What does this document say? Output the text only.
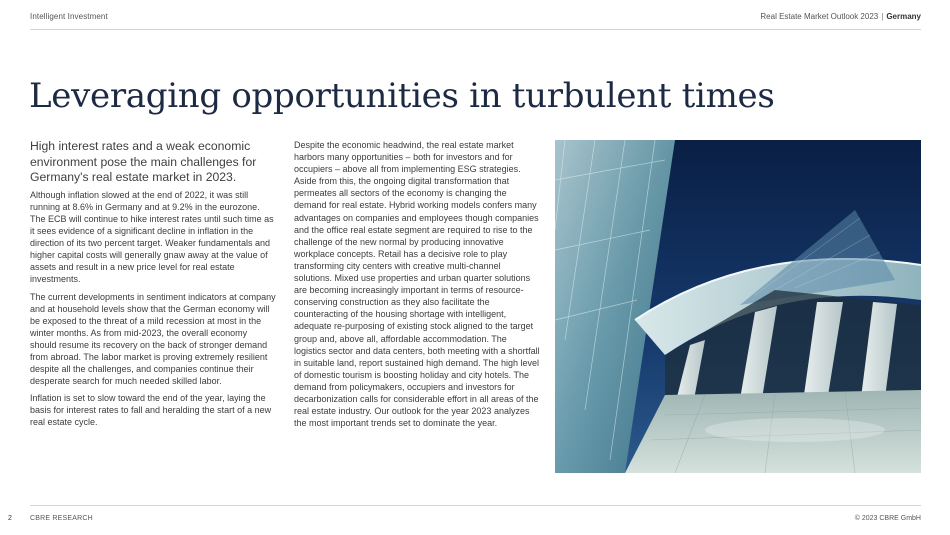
Intelligent Investment	Real Estate Market Outlook 2023 | Germany
Leveraging opportunities in turbulent times

High interest rates and a weak economic environment pose the main challenges for Germany's real estate market in 2023.

Although inflation slowed at the end of 2022, it was still running at 8.6% in Germany and at 9.2% in the eurozone. The ECB will continue to hike interest rates until such time as it sees evidence of a significant decline in inflation in the direction of its two percent target. Weaker fundamentals and higher capital costs will generally gnaw away at the value of assets and result in a new price level for real estate investments.

The current developments in sentiment indicators at company and at household levels show that the German economy will be exposed to the threat of a mild recession at most in the winter months. As from mid-2023, the overall economy should resume its recovery on the back of stronger demand from abroad. The labor market is proving extremely resilient despite all the challenges, and companies continue their desperate search for much needed skilled labor.

Inflation is set to slow toward the end of the year, laying the basis for interest rates to fall and heralding the start of a new real estate cycle.

Despite the economic headwind, the real estate market harbors many opportunities – both for investors and for occupiers – above all from implementing ESG strategies. Aside from this, the ongoing digital transformation that permeates all sectors of the economy is changing the demand for real estate. Hybrid working models confers many advantages on companies and employees though companies and the office real estate segment are required to rise to the challenge of the new normal by producing innovative workplace concepts. Retail has a decisive role to play transforming city centers with creative multi-channel solutions. Mixed use properties and urban quarter solutions are becoming increasingly important in terms of resource-conserving construction as they also facilitate the counteracting of the housing shortage with intelligent, adequate re-purposing of existing stock aligned to the target group and, above all, affordable accommodation. The logistics sector and data centers, both meeting with a shortfall in suitable land, report sustained high demand. The high level of domestic tourism is boosting holiday and city hotels. The demand from policymakers, occupiers and investors for decarbonization calls for considerable effort in all areas of the real estate industry. Our outlook for the year 2023 analyzes the most important trends set to dominate the year.

2	CBRE RESEARCH	© 2023 CBRE GmbH
